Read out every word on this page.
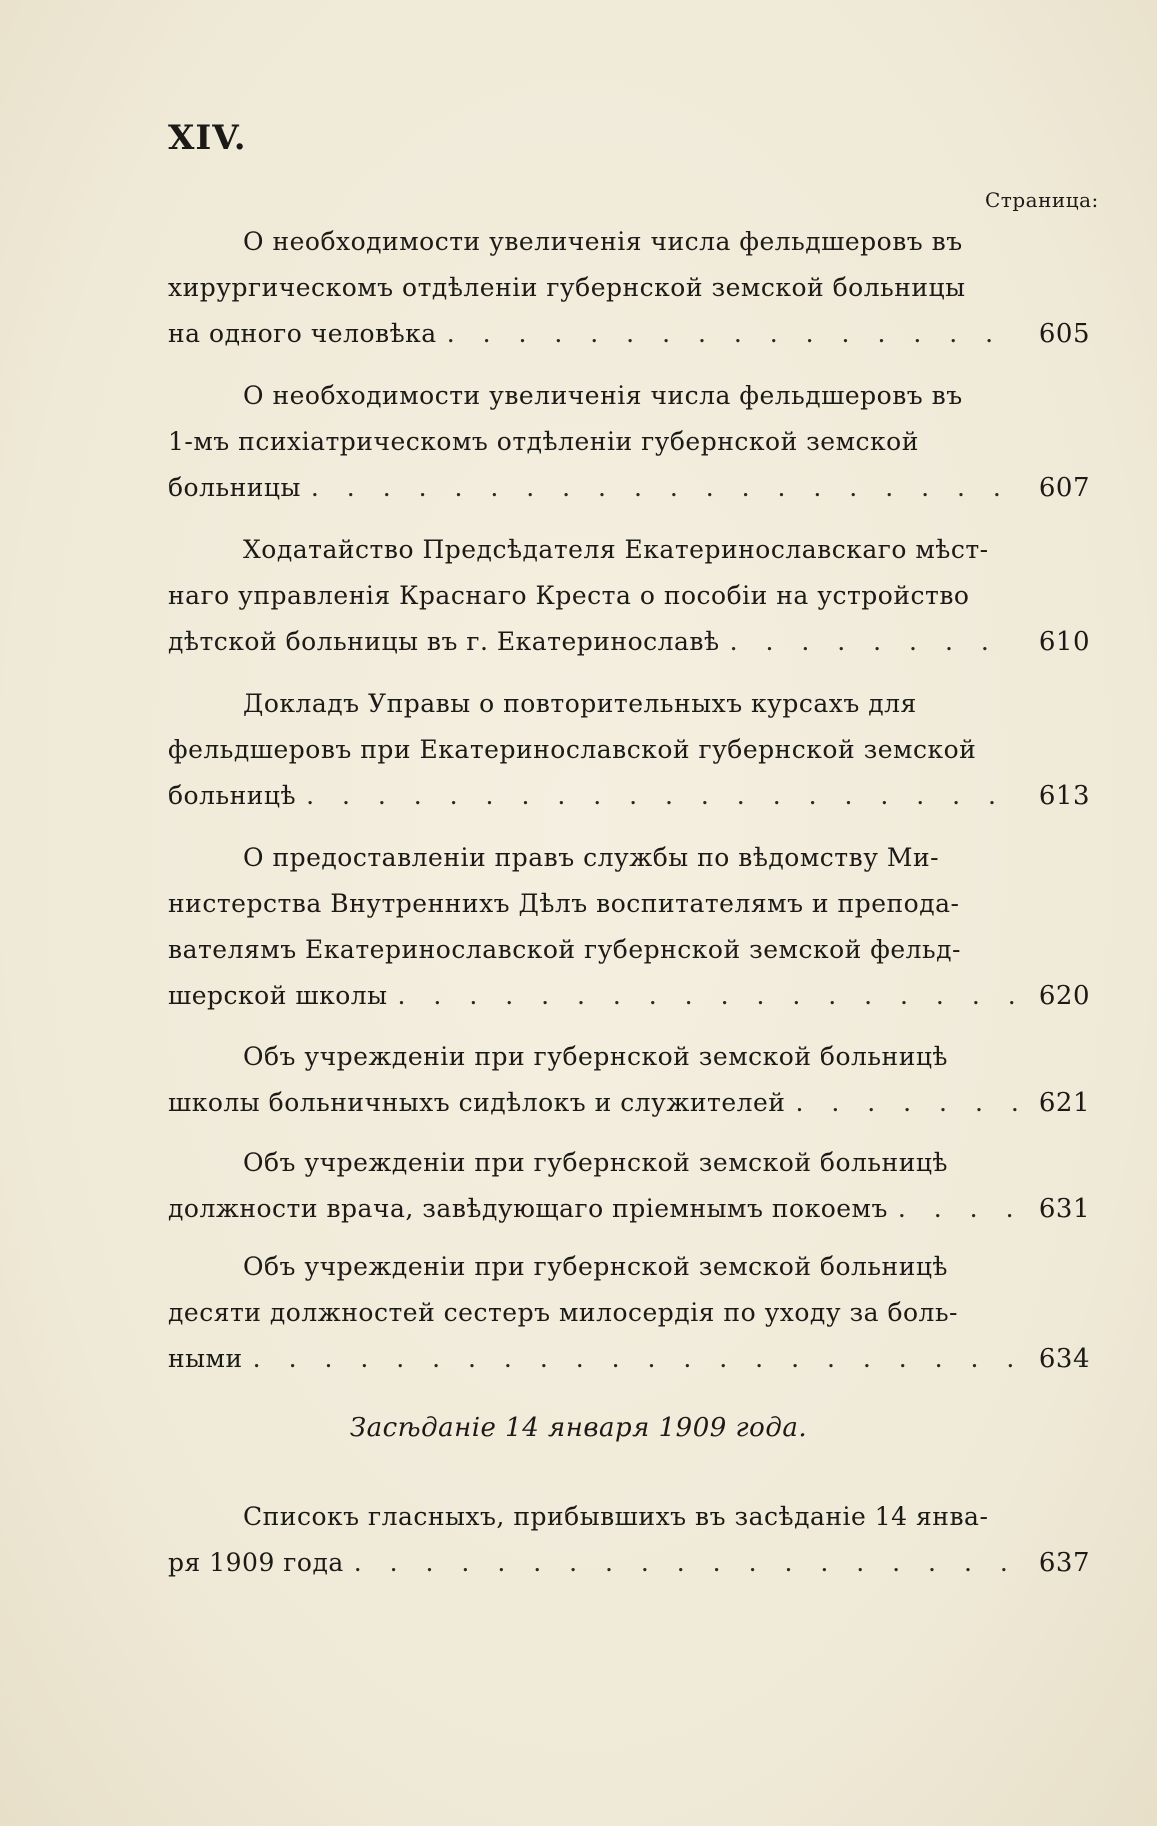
XIV.
Страница:
О необходимости увеличенія числа фельдшеровъ въ
хирургическомъ отдѣленіи губернской земской больницы
на одного человѣка . . .	605
О необходимости увеличенія числа фельдшеровъ въ
1-мъ психіатрическомъ отдѣленіи губернской земской
больницы . . .	607
Ходатайство Предсѣдателя Екатеринославскаго мѣст-
наго управленія Краснаго Креста о пособіи на устройство
дѣтской больницы въ г. Екатеринославѣ . . .	610
Докладъ Управы о повторительныхъ курсахъ для
фельдшеровъ при Екатеринославской губернской земской
больницѣ . . .	613
О предоставленіи правъ службы по вѣдомству Ми-
нистерства Внутреннихъ Дѣлъ воспитателямъ и препода-
вателямъ Екатеринославской губернской земской фельд-
шерской школы . . .	620
Объ учрежденіи при губернской земской больницѣ
школы больничныхъ сидѣлокъ и служителей . . .	621
Объ учрежденіи при губернской земской больницѣ
должности врача, завѣдующаго пріемнымъ покоемъ . . .	631
Объ учрежденіи при губернской земской больницѣ
десяти должностей сестеръ милосердія по уходу за боль-
ными . . .	634
Засѣданіе 14 января 1909 года.
Списокъ гласныхъ, прибывшихъ въ засѣданіе 14 янва-
ря 1909 года . . .	637
